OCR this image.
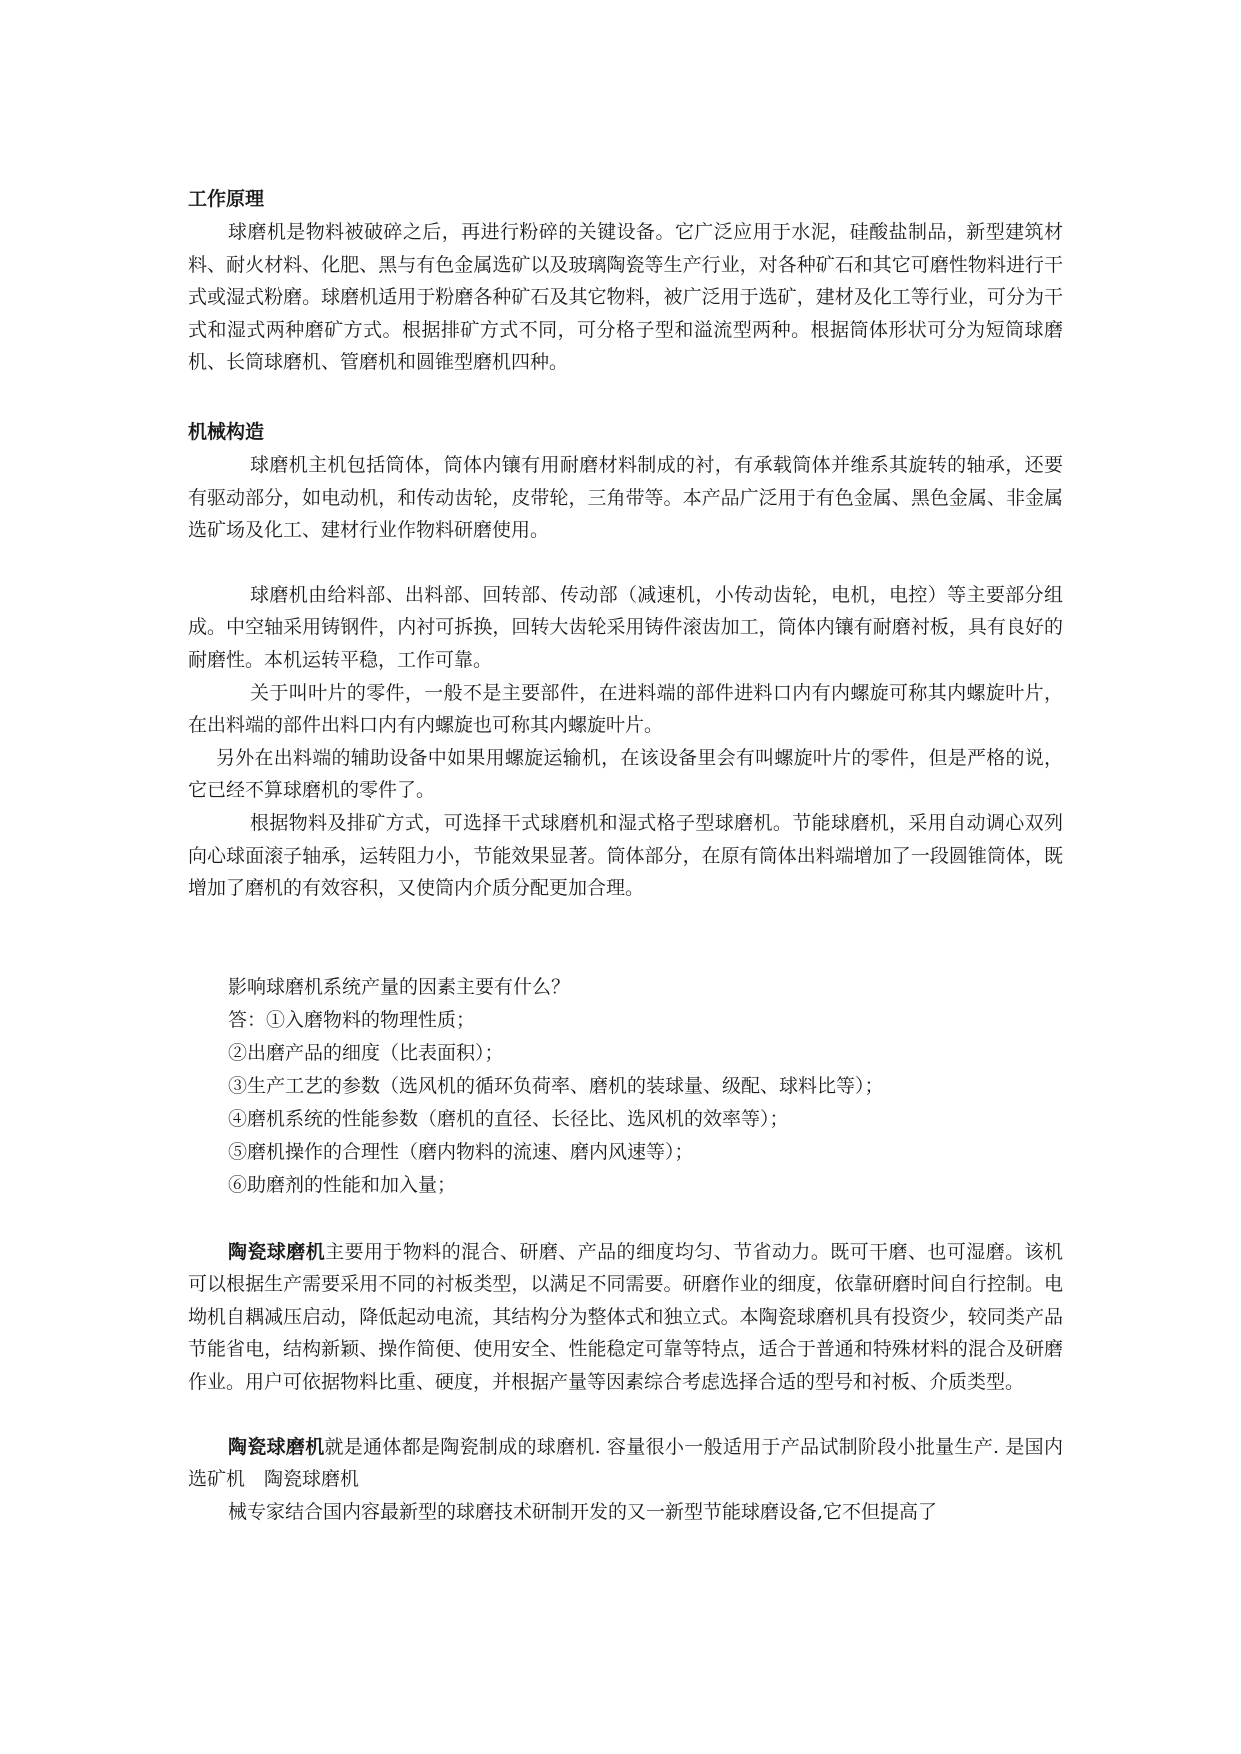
工作原理

球磨机是物料被破碎之后，再进行粉碎的关键设备。它广泛应用于水泥，硅酸盐制品，新型建筑材料、耐火材料、化肥、黑与有色金属选矿以及玻璃陶瓷等生产行业，对各种矿石和其它可磨性物料进行干式或湿式粉磨。球磨机适用于粉磨各种矿石及其它物料，被广泛用于选矿，建材及化工等行业，可分为干式和湿式两种磨矿方式。根据排矿方式不同，可分格子型和溢流型两种。根据筒体形状可分为短筒球磨机、长筒球磨机、管磨机和圆锥型磨机四种。

机械构造

球磨机主机包括筒体，筒体内镶有用耐磨材料制成的衬，有承载筒体并维系其旋转的轴承，还要有驱动部分，如电动机，和传动齿轮，皮带轮，三角带等。本产品广泛用于有色金属、黑色金属、非金属选矿场及化工、建材行业作物料研磨使用。

球磨机由给料部、出料部、回转部、传动部（减速机，小传动齿轮，电机，电控）等主要部分组成。中空轴采用铸钢件，内衬可拆换，回转大齿轮采用铸件滚齿加工，筒体内镶有耐磨衬板，具有良好的耐磨性。本机运转平稳，工作可靠。

关于叫叶片的零件，一般不是主要部件，在进料端的部件进料口内有内螺旋可称其内螺旋叶片，在出料端的部件出料口内有内螺旋也可称其内螺旋叶片。

另外在出料端的辅助设备中如果用螺旋运输机，在该设备里会有叫螺旋叶片的零件，但是严格的说，它已经不算球磨机的零件了。

根据物料及排矿方式，可选择干式球磨机和湿式格子型球磨机。节能球磨机，采用自动调心双列向心球面滚子轴承，运转阻力小，节能效果显著。筒体部分，在原有筒体出料端增加了一段圆锥筒体，既增加了磨机的有效容积，又使筒内介质分配更加合理。

影响球磨机系统产量的因素主要有什么？

答：①入磨物料的物理性质；

②出磨产品的细度（比表面积）；

③生产工艺的参数（选风机的循环负荷率、磨机的装球量、级配、球料比等）；

④磨机系统的性能参数（磨机的直径、长径比、选风机的效率等）；

⑤磨机操作的合理性（磨内物料的流速、磨内风速等）；

⑥助磨剂的性能和加入量；

陶瓷球磨机主要用于物料的混合、研磨、产品的细度均匀、节省动力。既可干磨、也可湿磨。该机可以根据生产需要采用不同的衬板类型，以满足不同需要。研磨作业的细度，依靠研磨时间自行控制。电坳机自耦减压启动，降低起动电流，其结构分为整体式和独立式。本陶瓷球磨机具有投资少，较同类产品节能省电，结构新颖、操作简便、使用安全、性能稳定可靠等特点，适合于普通和特殊材料的混合及研磨作业。用户可依据物料比重、硬度，并根据产量等因素综合考虑选择合适的型号和衬板、介质类型。

陶瓷球磨机就是通体都是陶瓷制成的球磨机. 容量很小一般适用于产品试制阶段小批量生产. 是国内选矿机　陶瓷球磨机

械专家结合国内容最新型的球磨技术研制开发的又一新型节能球磨设备,它不但提高了
